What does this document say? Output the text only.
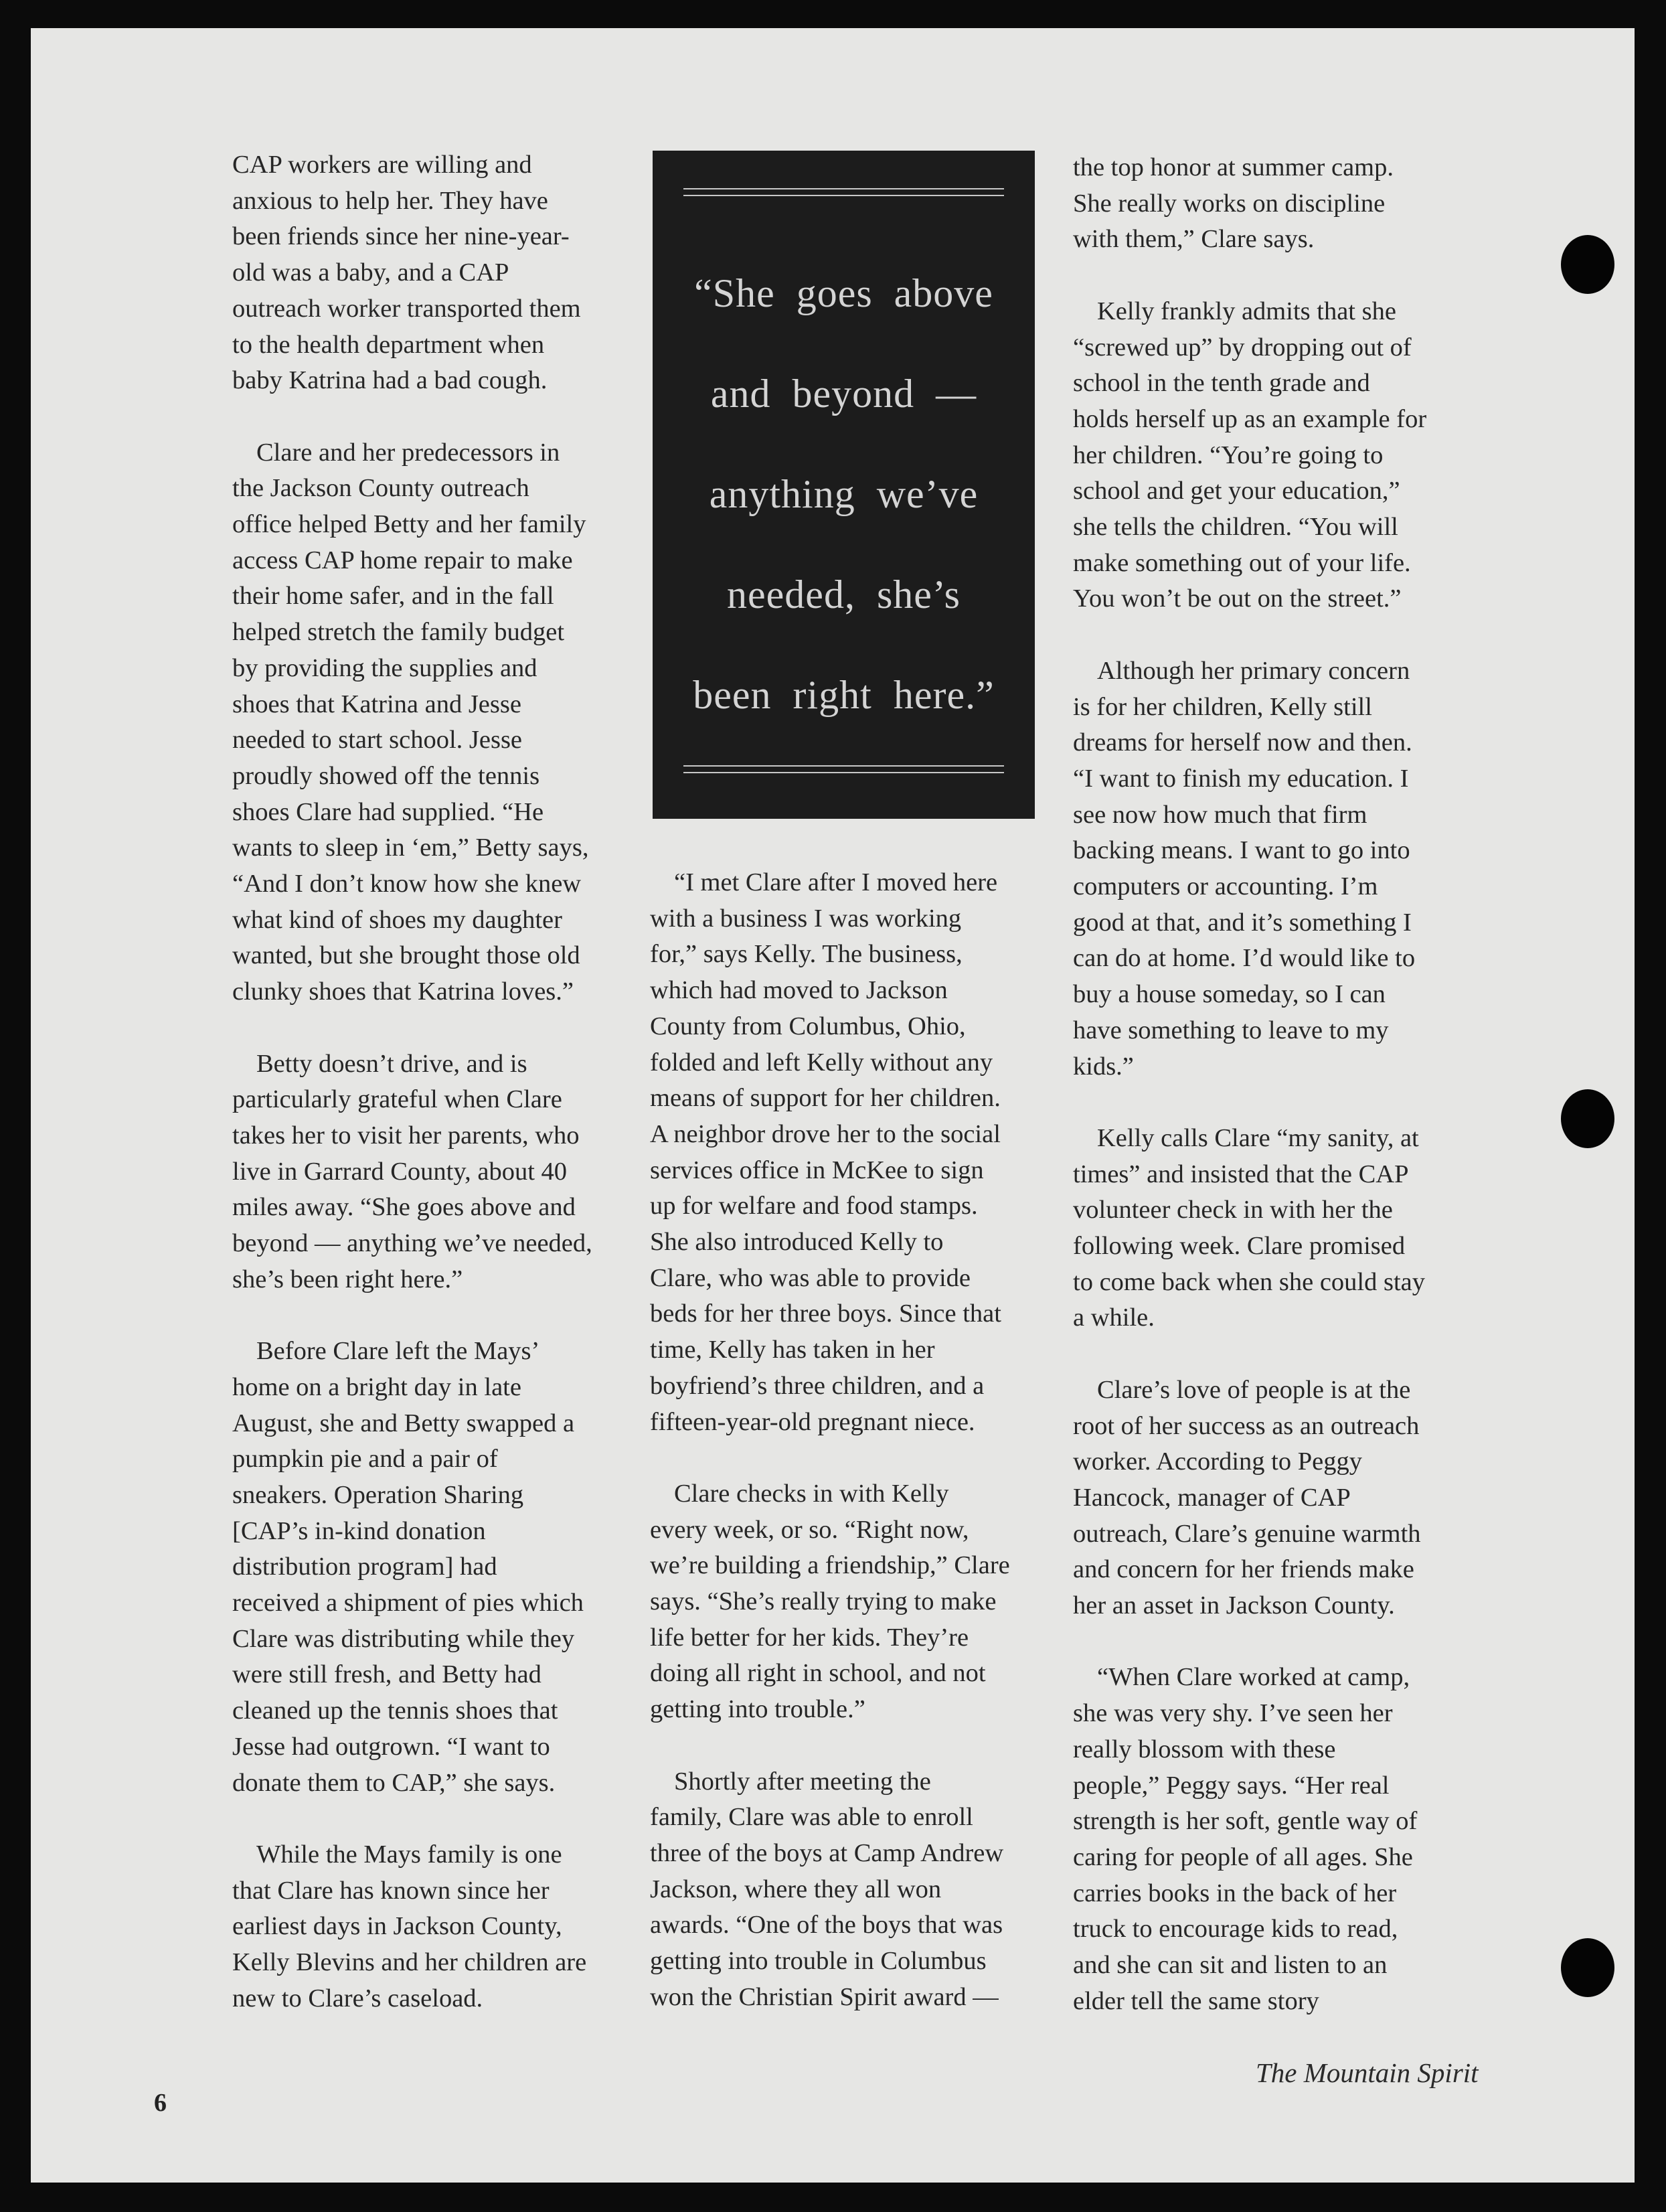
“She goes above
and beyond —
anything we’ve
needed, she’s
been right here.”

CAP workers are willing and
anxious to help her. They have
been friends since her nine-year-
old was a baby, and a CAP
outreach worker transported them
to the health department when
baby Katrina had a bad cough.

Clare and her predecessors in
the Jackson County outreach
office helped Betty and her family
access CAP home repair to make
their home safer, and in the fall
helped stretch the family budget
by providing the supplies and
shoes that Katrina and Jesse
needed to start school. Jesse
proudly showed off the tennis
shoes Clare had supplied. “He
wants to sleep in ‘em,” Betty says,
“And I don’t know how she knew
what kind of shoes my daughter
wanted, but she brought those old
clunky shoes that Katrina loves.”

Betty doesn’t drive, and is
particularly grateful when Clare
takes her to visit her parents, who
live in Garrard County, about 40
miles away. “She goes above and
beyond — anything we’ve needed,
she’s been right here.”

Before Clare left the Mays’
home on a bright day in late
August, she and Betty swapped a
pumpkin pie and a pair of
sneakers. Operation Sharing
[CAP’s in-kind donation
distribution program] had
received a shipment of pies which
Clare was distributing while they
were still fresh, and Betty had
cleaned up the tennis shoes that
Jesse had outgrown. “I want to
donate them to CAP,” she says.

While the Mays family is one
that Clare has known since her
earliest days in Jackson County,
Kelly Blevins and her children are
new to Clare’s caseload.

“I met Clare after I moved here
with a business I was working
for,” says Kelly. The business,
which had moved to Jackson
County from Columbus, Ohio,
folded and left Kelly without any
means of support for her children.
A neighbor drove her to the social
services office in McKee to sign
up for welfare and food stamps.
She also introduced Kelly to
Clare, who was able to provide
beds for her three boys. Since that
time, Kelly has taken in her
boyfriend’s three children, and a
fifteen-year-old pregnant niece.

Clare checks in with Kelly
every week, or so. “Right now,
we’re building a friendship,” Clare
says. “She’s really trying to make
life better for her kids. They’re
doing all right in school, and not
getting into trouble.”

Shortly after meeting the
family, Clare was able to enroll
three of the boys at Camp Andrew
Jackson, where they all won
awards. “One of the boys that was
getting into trouble in Columbus
won the Christian Spirit award —

the top honor at summer camp.
She really works on discipline
with them,” Clare says.

Kelly frankly admits that she
“screwed up” by dropping out of
school in the tenth grade and
holds herself up as an example for
her children. “You’re going to
school and get your education,”
she tells the children. “You will
make something out of your life.
You won’t be out on the street.”

Although her primary concern
is for her children, Kelly still
dreams for herself now and then.
“I want to finish my education. I
see now how much that firm
backing means. I want to go into
computers or accounting. I’m
good at that, and it’s something I
can do at home. I’d would like to
buy a house someday, so I can
have something to leave to my
kids.”

Kelly calls Clare “my sanity, at
times” and insisted that the CAP
volunteer check in with her the
following week. Clare promised
to come back when she could stay
a while.

Clare’s love of people is at the
root of her success as an outreach
worker. According to Peggy
Hancock, manager of CAP
outreach, Clare’s genuine warmth
and concern for her friends make
her an asset in Jackson County.

“When Clare worked at camp,
she was very shy. I’ve seen her
really blossom with these
people,” Peggy says. “Her real
strength is her soft, gentle way of
caring for people of all ages. She
carries books in the back of her
truck to encourage kids to read,
and she can sit and listen to an
elder tell the same story

6
The Mountain Spirit
